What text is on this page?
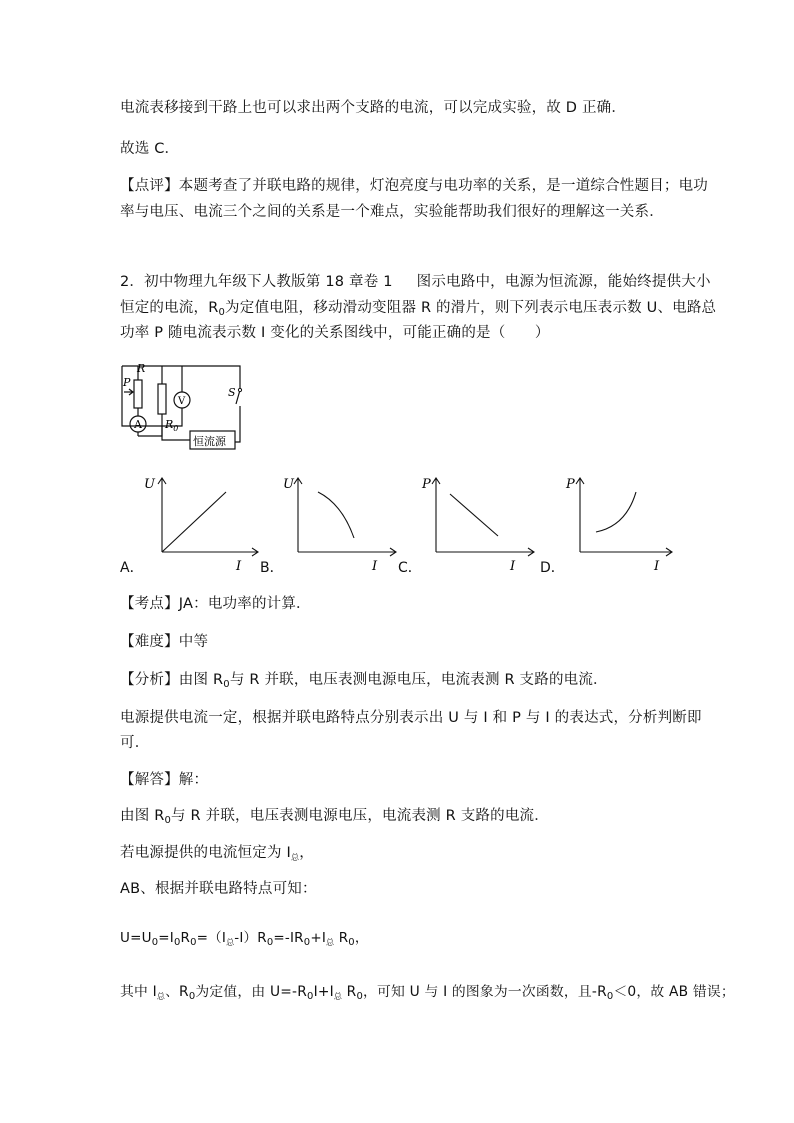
电流表移接到干路上也可以求出两个支路的电流，可以完成实验，故 D 正确．
故选 C．
【点评】本题考查了并联电路的规律，灯泡亮度与电功率的关系，是一道综合性题目；电功
率与电压、电流三个之间的关系是一个难点，实验能帮助我们很好的理解这一关系．
2．初中物理九年级下人教版第 18 章卷 1 图示电路中，电源为恒流源，能始终提供大小
恒定的电流，$R_0$为定值电阻，移动滑动变阻器 R 的滑片，则下列表示电压表示数 U、电路总
功率 P 随电流表示数 I 变化的关系图线中，可能正确的是（　　）
P
R
A
V
$R_0$
S
恒流源
U
I
A．
U
I
B．
P
I
C．
P
I
D．
【考点】JA：电功率的计算．
【难度】中等
【分析】由图 $R_0$与 R 并联，电压表测电源电压，电流表测 R 支路的电流．
电源提供电流一定，根据并联电路特点分别表示出 U 与 I 和 P 与 I 的表达式，分析判断即
可．
【解答】解：
由图 $R_0$与 R 并联，电压表测电源电压，电流表测 R 支路的电流．
若电源提供的电流恒定为 $I_总$，
AB、根据并联电路特点可知：
$U=U_0=I_0R_0=(I_总-I)R_0=-IR_0+I_总$ $R_0$，
其中 $I_总$、$R_0$为定值，由 $U=-R_0I+I_总$ $R_0$，可知 U 与 I 的图象为一次函数，且$-R_0<0$，故 AB 错误；
